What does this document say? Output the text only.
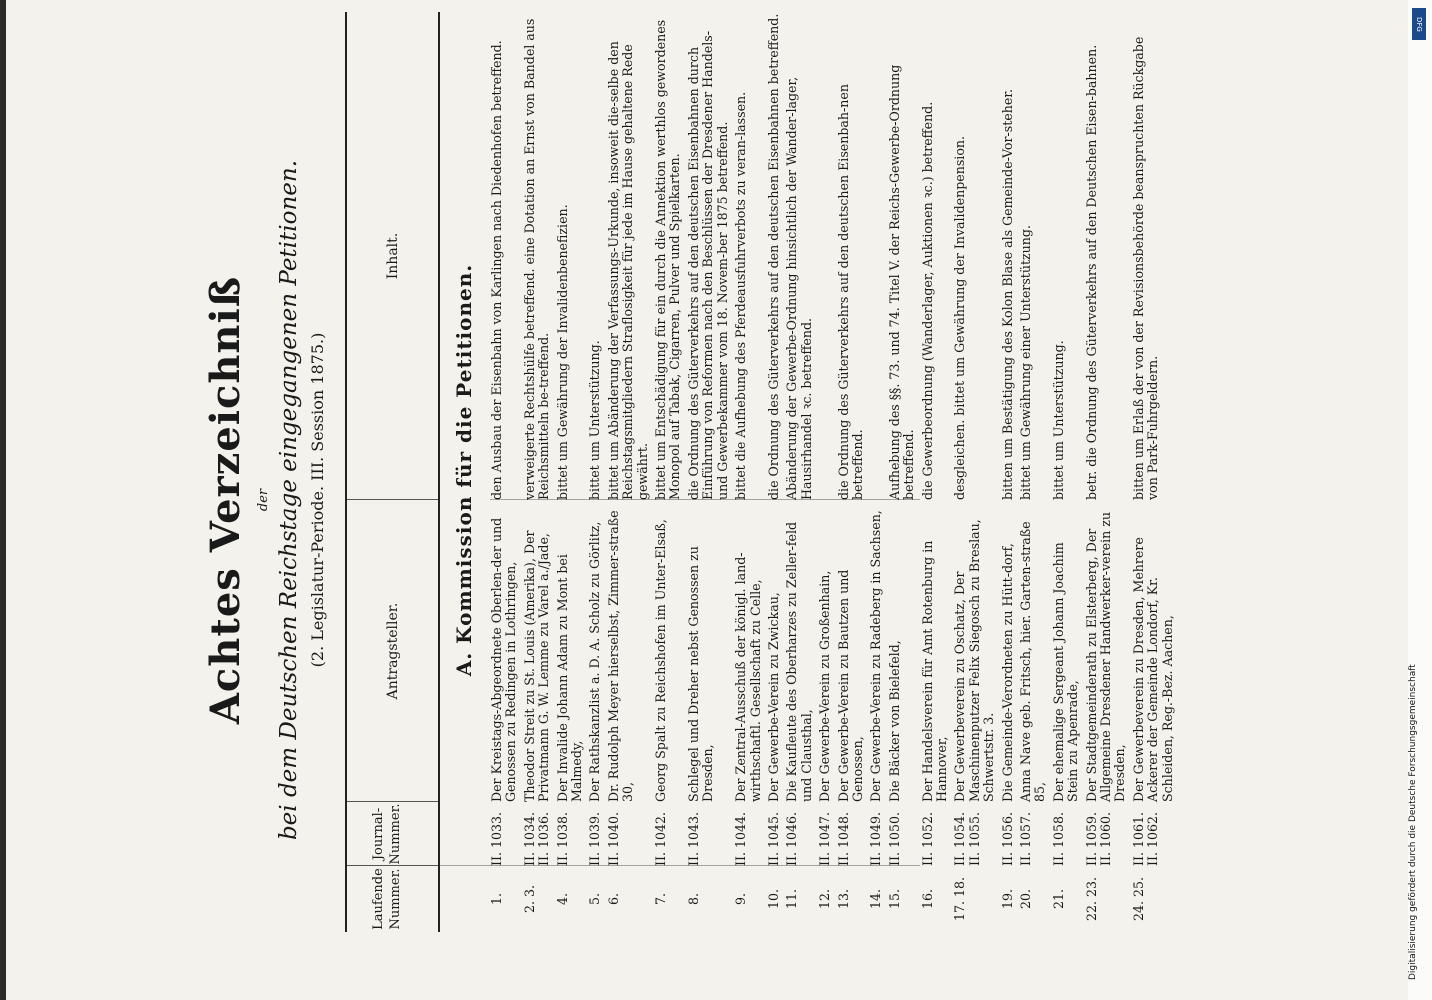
Achtes Verzeichniß der bei dem Deutschen Reichstage eingegangenen Petitionen. (2. Legislatur-Periode. III. Session 1875.)
Laufende Nummer.
Journal-Nummer.
Antragsteller.
Inhalt.
A. Kommission für die Petitionen.
1.
II. 1033.
Der Kreistags-Abgeordnete Oberlen-der und Genossen zu Redingen in Lothringen,
den Ausbau der Eisenbahn von Karlingen nach Diedenhofen betreffend.
2. 3.
II. 1034. II. 1036.
Theodor Streit zu St. Louis (Amerika), Der Privatmann G. W. Lemme zu Varel a./Jade,
verweigerte Rechtshülfe betreffend. eine Dotation an Ernst von Bandel aus Reichsmitteln be-treffend.
4.
II. 1038.
Der Invalide Johann Adam zu Mont bei Malmedy,
bittet um Gewährung der Invalidenbenefizien.
5.
II. 1039.
Der Rathskanzlist a. D. A. Scholz zu Görlitz,
bittet um Unterstützung.
6.
II. 1040.
Dr. Rudolph Meyer hierselbst, Zimmer-straße 30,
bittet um Abänderung der Verfassungs-Urkunde, insoweit die-selbe den Reichstagsmitgliedern Straflosigkeit für jede im Hause gehaltene Rede gewährt.
7.
II. 1042.
Georg Spalt zu Reichshofen im Unter-Elsaß,
bittet um Entschädigung für ein durch die Annektion werthlos gewordenes Monopol auf Tabak, Cigarren, Pulver und Spielkarten.
8.
II. 1043.
Schlegel und Dreher nebst Genossen zu Dresden,
die Ordnung des Güterverkehrs auf den deutschen Eisenbahnen durch Einführung von Reformen nach den Beschlüssen der Dresdener Handels- und Gewerbekammer vom 18. Novem-ber 1875 betreffend.
9.
II. 1044.
Der Zentral-Ausschuß der königl. land-wirthschaftl. Gesellschaft zu Celle,
bittet die Aufhebung des Pferdeausfuhrverbots zu veran-lassen.
10.
II. 1045.
Der Gewerbe-Verein zu Zwickau,
die Ordnung des Güterverkehrs auf den deutschen Eisenbahnen betreffend.
11.
II. 1046.
Die Kaufleute des Oberharzes zu Zeller-feld und Clausthal,
Abänderung der Gewerbe-Ordnung hinsichtlich der Wander-lager, Hausirhandel ꝛc. betreffend.
12.
II. 1047.
Der Gewerbe-Verein zu Großenhain,
13.
II. 1048.
Der Gewerbe-Verein zu Bautzen und Genossen,
die Ordnung des Güterverkehrs auf den deutschen Eisenbah-nen betreffend.
14.
II. 1049.
Der Gewerbe-Verein zu Radeberg in Sachsen,
15.
II. 1050.
Die Bäcker von Bielefeld,
Aufhebung des §§. 73. und 74. Titel V. der Reichs-Gewerbe-Ordnung betreffend.
16.
II. 1052.
Der Handelsverein für Amt Rotenburg in Hannover,
die Gewerbeordnung (Wanderlager, Auktionen ꝛc.) betreffend.
17. 18.
II. 1054. II. 1055.
Der Gewerbeverein zu Oschatz, Der Maschinenputzer Felix Siegosch zu Breslau, Schwertstr. 3.
desgleichen. bittet um Gewährung der Invalidenpension.
19.
II. 1056.
Die Gemeinde-Verordneten zu Hütt-dorf,
bitten um Bestätigung des Kolon Blase als Gemeinde-Vor-steher.
20.
II. 1057.
Anna Nave geb. Fritsch, hier. Garten-straße 85,
bittet um Gewährung einer Unterstützung.
21.
II. 1058.
Der ehemalige Sergeant Johann Joachim Stein zu Apenrade,
bittet um Unterstützung.
22. 23.
II. 1059. II. 1060.
Der Stadtgemeinderath zu Elsterberg, Der Allgemeine Dresdener Handwerker-verein zu Dresden,
betr. die Ordnung des Güterverkehrs auf den Deutschen Eisen-bahnen.
24. 25.
II. 1061. II. 1062.
Der Gewerbeverein zu Dresden, Mehrere Ackerer der Gemeinde Londorf, Kr. Schleiden, Reg.-Bez. Aachen,
bitten um Erlaß der von der Revisionsbehörde beanspruchten Rückgabe von Park-Fuhrgeldern.
DFG
Digitalisierung gefördert durch die Deutsche Forschungsgemeinschaft
